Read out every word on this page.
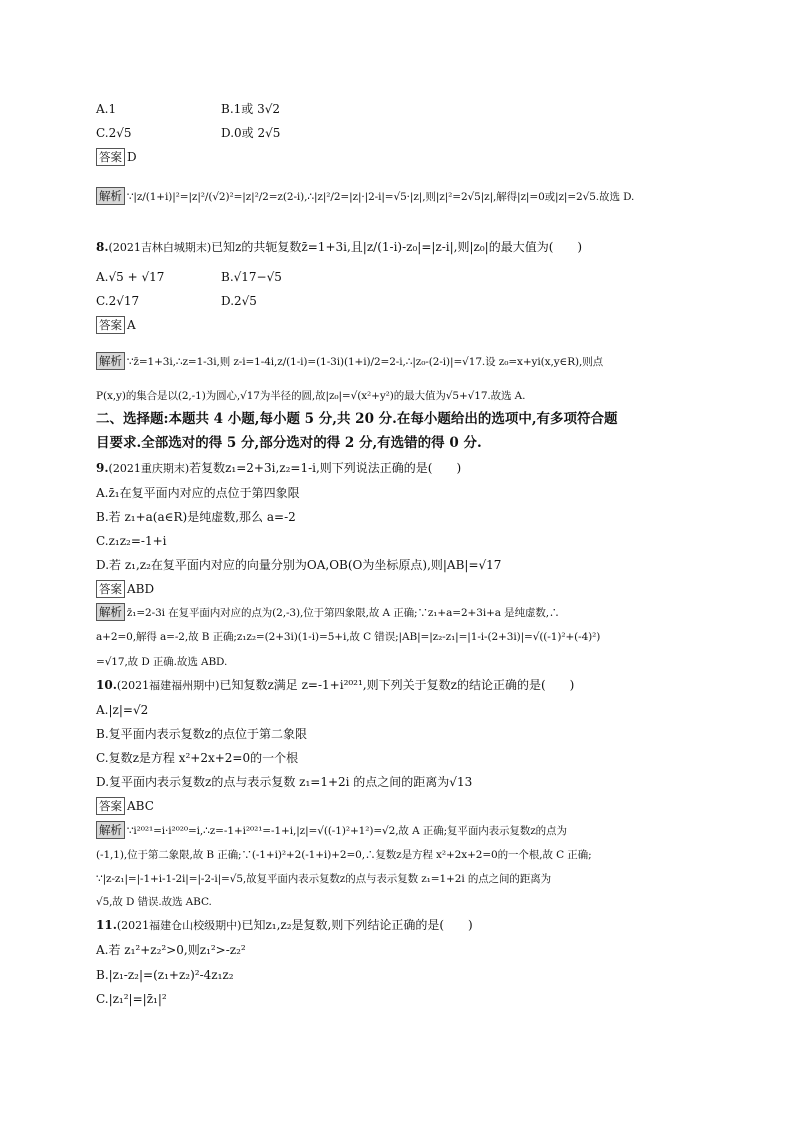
A.1	B.1或 3√2
C.2√5	D.0或 2√5
答案 D
解析 ∵|z/(1+i)|²=|z|²/(√2)²=|z|²/2=z(2-i),∴|z|²/2=|z|·|2-i|=√5·|z|,则|z|²=2√5|z|,解得|z|=0或|z|=2√5.故选 D.
8.(2021吉林白城期末)已知z的共轭复数z̄=1+3i,且|z/(1-i)-z₀|=|z-i|,则|z₀|的最大值为(　　)
A.√5 + √17	B.√17−√5
C.2√17	D.2√5
答案 A
解析 ∵z̄=1+3i,∴z=1-3i,则 z-i=1-4i,z/(1-i)=(1-3i)(1+i)/2=2-i,∴|z₀-(2-i)|=√17.设 z₀=x+yi(x,y∈R),则点
P(x,y)的集合是以(2,-1)为圆心,√17为半径的圆,故|z₀|=√(x²+y²)的最大值为√5+√17.故选 A.
二、选择题:本题共 4 小题,每小题 5 分,共 20 分.在每小题给出的选项中,有多项符合题
目要求.全部选对的得 5 分,部分选对的得 2 分,有选错的得 0 分.
9.(2021重庆期末)若复数z₁=2+3i,z₂=1-i,则下列说法正确的是(　　)
A.z̄₁在复平面内对应的点位于第四象限
B.若 z₁+a(a∈R)是纯虚数,那么 a=-2
C.z₁z₂=-1+i
D.若 z₁,z₂在复平面内对应的向量分别为OA,OB(O为坐标原点),则|AB|=√17
答案 ABD
解析 z̄₁=2-3i 在复平面内对应的点为(2,-3),位于第四象限,故 A 正确;∵z₁+a=2+3i+a 是纯虚数,∴
a+2=0,解得 a=-2,故 B 正确;z₁z₂=(2+3i)(1-i)=5+i,故 C 错误;|AB|=|z₂-z₁|=|1-i-(2+3i)|=√((-1)²+(-4)²)
=√17,故 D 正确.故选 ABD.
10.(2021福建福州期中)已知复数z满足 z=-1+i²⁰²¹,则下列关于复数z的结论正确的是(　　)
A.|z|=√2
B.复平面内表示复数z的点位于第二象限
C.复数z是方程 x²+2x+2=0的一个根
D.复平面内表示复数z的点与表示复数 z₁=1+2i 的点之间的距离为√13
答案 ABC
解析 ∵i²⁰²¹=i·i²⁰²⁰=i,∴z=-1+i²⁰²¹=-1+i,|z|=√((-1)²+1²)=√2,故 A 正确;复平面内表示复数z的点为
(-1,1),位于第二象限,故 B 正确;∵(-1+i)²+2(-1+i)+2=0,∴复数z是方程 x²+2x+2=0的一个根,故 C 正确;
∵|z-z₁|=|-1+i-1-2i|=|-2-i|=√5,故复平面内表示复数z的点与表示复数 z₁=1+2i 的点之间的距离为
√5,故 D 错误.故选 ABC.
11.(2021福建仓山校级期中)已知z₁,z₂是复数,则下列结论正确的是(　　)
A.若 z₁²+z₂²>0,则z₁²>-z₂²
B.|z₁-z₂|=(z₁+z₂)²-4z₁z₂
C.|z₁²|=|z̄₁|²
